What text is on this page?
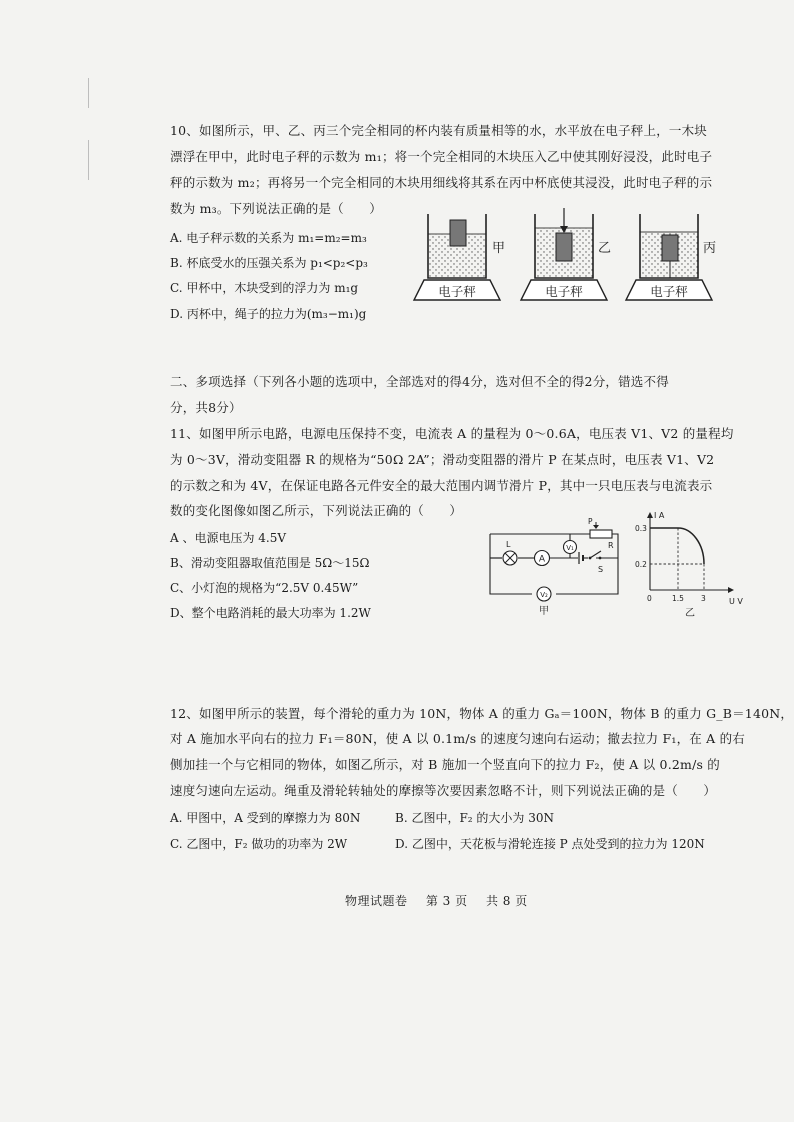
10、如图所示，甲、乙、丙三个完全相同的杯内装有质量相等的水，水平放在电子秤上，一木块
漂浮在甲中，此时电子秤的示数为 m₁；将一个完全相同的木块压入乙中使其刚好浸没，此时电子
秤的示数为 m₂；再将另一个完全相同的木块用细线将其系在丙中杯底使其浸没，此时电子秤的示
数为 m₃。下列说法正确的是（　　）
A. 电子秤示数的关系为 m₁=m₂=m₃
B. 杯底受水的压强关系为 p₁<p₂<p₃
C. 甲杯中，木块受到的浮力为 m₁g
D. 丙杯中，绳子的拉力为(m₃−m₁)g
甲
电子秤
乙
电子秤
丙
电子秤
二、多项选择（下列各小题的选项中，全部选对的得4分，选对但不全的得2分，错选不得
分，共8分）
11、如图甲所示电路，电源电压保持不变，电流表 A 的量程为 0～0.6A，电压表 V1、V2 的量程均
为 0～3V，滑动变阻器 R 的规格为“50Ω 2A”；滑动变阻器的滑片 P 在某点时，电压表 V1、V2
的示数之和为 4V，在保证电路各元件安全的最大范围内调节滑片 P，其中一只电压表与电流表示
数的变化图像如图乙所示，下列说法正确的（　　）
A 、电源电压为 4.5V
B、滑动变阻器取值范围是 5Ω～15Ω
C、小灯泡的规格为“2.5V 0.45W”
D、整个电路消耗的最大功率为 1.2W
L
A
V₁
S
P
R
V₂
甲
I A
U V
0.3
0.2
0	1.5 3
乙
12、如图甲所示的装置，每个滑轮的重力为 10N，物体 A 的重力 Gₐ＝100N，物体 B 的重力 G_B＝140N，
对 A 施加水平向右的拉力 F₁＝80N，使 A 以 0.1m/s 的速度匀速向右运动；撤去拉力 F₁，在 A 的右
侧加挂一个与它相同的物体，如图乙所示，对 B 施加一个竖直向下的拉力 F₂，使 A 以 0.2m/s 的
速度匀速向左运动。绳重及滑轮转轴处的摩擦等次要因素忽略不计，则下列说法正确的是（　　）
A. 甲图中，A 受到的摩擦力为 80N	B. 乙图中，F₂ 的大小为 30N
C. 乙图中，F₂ 做功的功率为 2W	D. 乙图中，天花板与滑轮连接 P 点处受到的拉力为 120N
物理试题卷 第 3 页 共 8 页
